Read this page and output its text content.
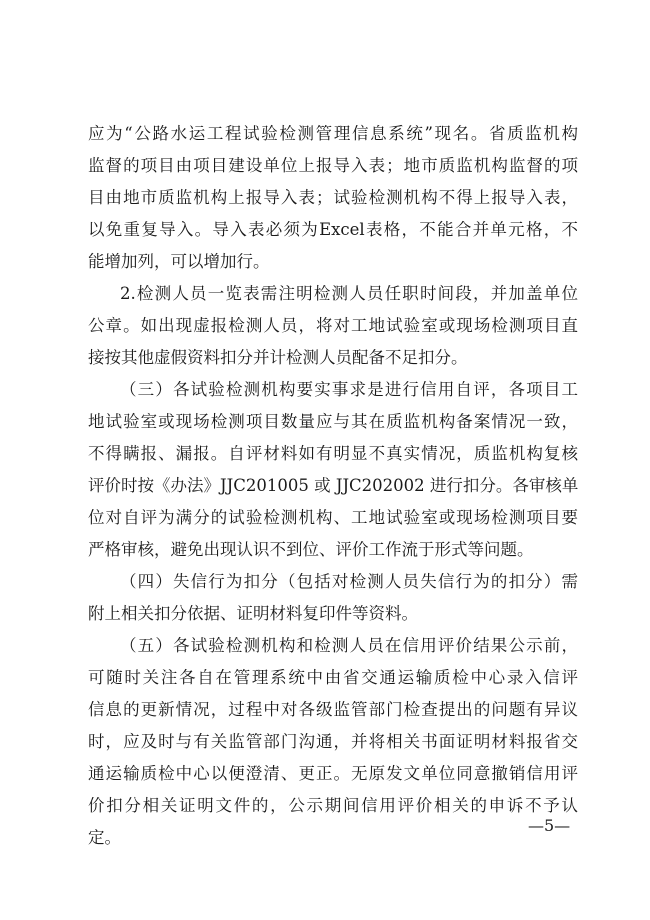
应为“公路水运工程试验检测管理信息系统”现名。省质监机构
监督的项目由项目建设单位上报导入表；地市质监机构监督的项
目由地市质监机构上报导入表；试验检测机构不得上报导入表，
以免重复导入。导入表必须为Excel表格，不能合并单元格，不
能增加列，可以增加行。
2.检测人员一览表需注明检测人员任职时间段，并加盖单位
公章。如出现虚报检测人员，将对工地试验室或现场检测项目直
接按其他虚假资料扣分并计检测人员配备不足扣分。
（三）各试验检测机构要实事求是进行信用自评，各项目工
地试验室或现场检测项目数量应与其在质监机构备案情况一致，
不得瞒报、漏报。自评材料如有明显不真实情况，质监机构复核
评价时按《办法》JJC201005 或 JJC202002 进行扣分。各审核单
位对自评为满分的试验检测机构、工地试验室或现场检测项目要
严格审核，避免出现认识不到位、评价工作流于形式等问题。
（四）失信行为扣分（包括对检测人员失信行为的扣分）需
附上相关扣分依据、证明材料复印件等资料。
（五）各试验检测机构和检测人员在信用评价结果公示前，
可随时关注各自在管理系统中由省交通运输质检中心录入信评
信息的更新情况，过程中对各级监管部门检查提出的问题有异议
时，应及时与有关监管部门沟通，并将相关书面证明材料报省交
通运输质检中心以便澄清、更正。无原发文单位同意撤销信用评
价扣分相关证明文件的，公示期间信用评价相关的申诉不予认
定。
—5—
